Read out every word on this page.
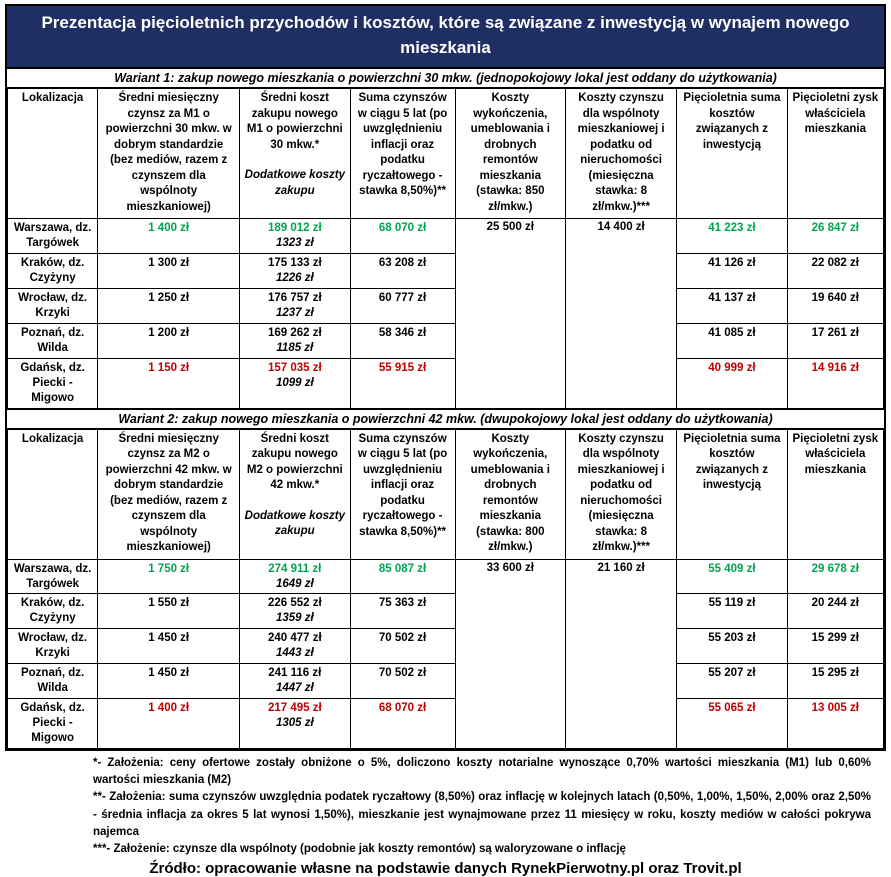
Prezentacja pięcioletnich przychodów i kosztów, które są związane z inwestycją w wynajem nowego mieszkania
Wariant 1: zakup nowego mieszkania o powierzchni 30 mkw. (jednopokojowy lokal jest oddany do użytkowania)
Lokalizacja	Średni miesięczny czynsz za M1 o powierzchni 30 mkw. w dobrym standardzie (bez mediów, razem z czynszem dla wspólnoty mieszkaniowej)	Średni koszt zakupu nowego M1 o powierzchni 30 mkw.*
Dodatkowe koszty zakupu	Suma czynszów w ciągu 5 lat (po uwzględnieniu inflacji oraz podatku ryczałtowego - stawka 8,50%)**	Koszty wykończenia, umeblowania i drobnych remontów mieszkania (stawka: 850 zł/mkw.)	Koszty czynszu dla wspólnoty mieszkaniowej i podatku od nieruchomości (miesięczna stawka: 8 zł/mkw.)***	Pięcioletnia suma kosztów związanych z inwestycją	Pięcioletni zysk właściciela mieszkania
Warszawa, dz. Targówek	1 400 zł	189 012 zł
1323 zł	68 070 zł	25 500 zł	14 400 zł	41 223 zł	26 847 zł
Kraków, dz. Czyżyny	1 300 zł	175 133 zł
1226 zł	63 208 zł			41 126 zł	22 082 zł
Wrocław, dz. Krzyki	1 250 zł	176 757 zł
1237 zł	60 777 zł			41 137 zł	19 640 zł
Poznań, dz. Wilda	1 200 zł	169 262 zł
1185 zł	58 346 zł			41 085 zł	17 261 zł
Gdańsk, dz. Piecki - Migowo	1 150 zł	157 035 zł
1099 zł	55 915 zł			40 999 zł	14 916 zł
Wariant 2: zakup nowego mieszkania o powierzchni 42 mkw. (dwupokojowy lokal jest oddany do użytkowania)
Lokalizacja	Średni miesięczny czynsz za M2 o powierzchni 42 mkw. w dobrym standardzie (bez mediów, razem z czynszem dla wspólnoty mieszkaniowej)	Średni koszt zakupu nowego M2 o powierzchni 42 mkw.*
Dodatkowe koszty zakupu	Suma czynszów w ciągu 5 lat (po uwzględnieniu inflacji oraz podatku ryczałtowego - stawka 8,50%)**	Koszty wykończenia, umeblowania i drobnych remontów mieszkania (stawka: 800 zł/mkw.)	Koszty czynszu dla wspólnoty mieszkaniowej i podatku od nieruchomości (miesięczna stawka: 8 zł/mkw.)***	Pięcioletnia suma kosztów związanych z inwestycją	Pięcioletni zysk właściciela mieszkania
Warszawa, dz. Targówek	1 750 zł	274 911 zł
1649 zł	85 087 zł	33 600 zł	21 160 zł	55 409 zł	29 678 zł
Kraków, dz. Czyżyny	1 550 zł	226 552 zł
1359 zł	75 363 zł			55 119 zł	20 244 zł
Wrocław, dz. Krzyki	1 450 zł	240 477 zł
1443 zł	70 502 zł			55 203 zł	15 299 zł
Poznań, dz. Wilda	1 450 zł	241 116 zł
1447 zł	70 502 zł			55 207 zł	15 295 zł
Gdańsk, dz. Piecki - Migowo	1 400 zł	217 495 zł
1305 zł	68 070 zł			55 065 zł	13 005 zł

*- Założenia: ceny ofertowe zostały obniżone o 5%, doliczono koszty notarialne wynoszące 0,70% wartości mieszkania (M1) lub 0,60% wartości mieszkania (M2)

**- Założenia: suma czynszów uwzględnia podatek ryczałtowy (8,50%) oraz inflację w kolejnych latach (0,50%, 1,00%, 1,50%, 2,00% oraz 2,50% - średnia inflacja za okres 5 lat wynosi 1,50%), mieszkanie jest wynajmowane przez 11 miesięcy w roku, koszty mediów w całości pokrywa najemca

***- Założenie: czynsze dla wspólnoty (podobnie jak koszty remontów) są waloryzowane o inflację

Źródło: opracowanie własne na podstawie danych RynekPierwotny.pl oraz Trovit.pl
